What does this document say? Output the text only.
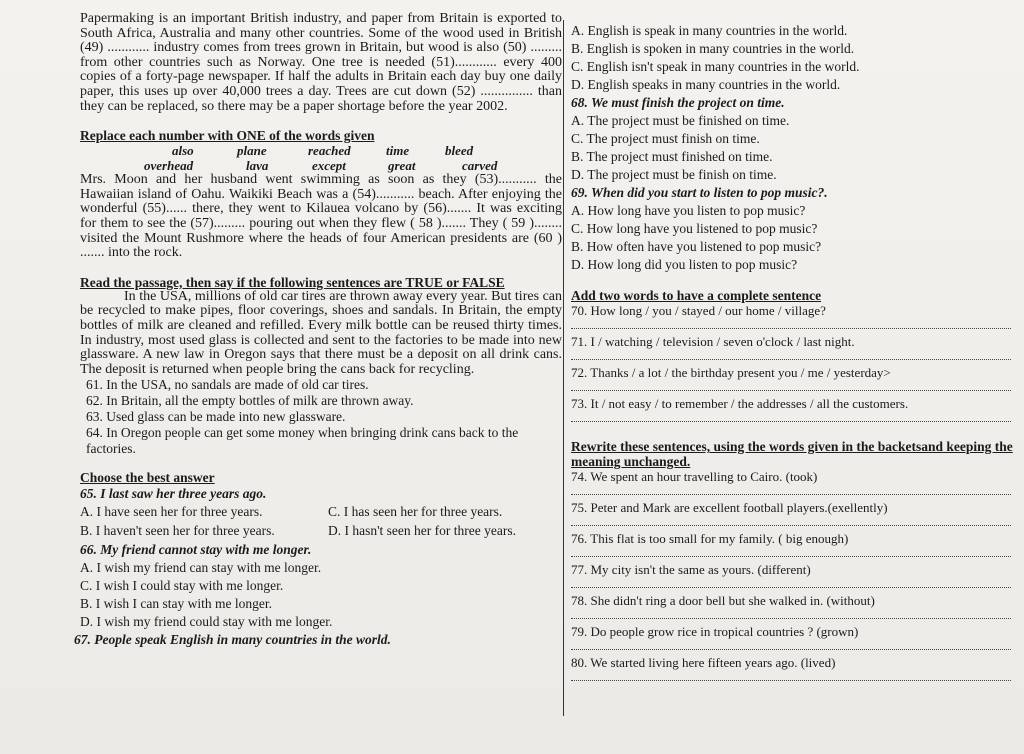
Papermaking is an important British industry, and paper from Britain is exported to South Africa, Australia and many other countries. Some of the wood used in British (49) ............ industry comes from trees grown in Britain, but wood is also (50) ......... from other countries such as Norway. One tree is needed (51)............ every 400 copies of a forty-page newspaper. If half the adults in Britain each day buy one daily paper, this uses up over 40,000 trees a day. Trees are cut down (52) ............... than they can be replaced, so there may be a paper shortage before the year 2002.

Replace each number with ONE of the words given

also	plane	reached	time	bleed
overhead	lava	except	great	carved

Mrs. Moon and her husband went swimming as soon as they (53)........... the Hawaiian island of Oahu. Waikiki Beach was a (54)........... beach. After enjoying the wonderful (55)...... there, they went to Kilauea volcano by (56)....... It was exciting for them to see the (57)......... pouring out when they flew ( 58 )....... They ( 59 )........ visited the Mount Rushmore where the heads of four American presidents are (60 ) ....... into the rock.

Read the passage, then say if the following sentences are TRUE or FALSE

In the USA, millions of old car tires are thrown away every year. But tires can be recycled to make pipes, floor coverings, shoes and sandals. In Britain, the empty bottles of milk are cleaned and refilled. Every milk bottle can be reused thirty times. In industry, most used glass is collected and sent to the factories to be made into new glassware. A new law in Oregon says that there must be a deposit on all drink cans. The deposit is returned when people bring the cans back for recycling.

61. In the USA, no sandals are made of old car tires.

62. In Britain, all the empty bottles of milk are thrown away.

63. Used glass can be made into new glassware.

64. In Oregon people can get some money when bringing drink cans back to the factories.

Choose the best answer

65. I last saw her three years ago.

A. I have seen her for three years.	C. I has seen her for three years.
B. I haven't seen her for three years.	D. I hasn't seen her for three years.

66. My friend cannot stay with me longer.

A. I wish my friend can stay with me longer.

C. I wish I could stay with me longer.

B. I wish I can stay with me longer.

D. I wish my friend could stay with me longer.

67. People speak English in many countries in the world.

A. English is speak in many countries in the world.

B. English is spoken in many countries in the world.

C. English isn't speak in many countries in the world.

D. English speaks in many countries in the world.

68. We must finish the project on time.

A. The project must be finished on time.

C. The project must finish on time.

B. The project must finished on time.

D. The project must be finish on time.

69. When did you start to listen to pop music?.

A. How long have you listen to pop music?

C. How long have you listened to pop music?

B. How often have you listened to pop music?

D. How long did you listen to pop music?

Add two words to have a complete sentence

70. How long / you / stayed / our home / village?

71. I / watching / television / seven o'clock / last night.

72. Thanks / a lot / the birthday present you / me / yesterday>

73. It / not easy / to remember / the addresses / all the customers.

Rewrite these sentences, using the words given in the backetsand keeping the meaning unchanged.

74. We spent an hour travelling to Cairo. (took)

75. Peter and Mark are excellent football players.(exellently)

76. This flat is too small for my family. ( big enough)

77. My city isn't the same as yours. (different)

78. She didn't ring a door bell but she walked in. (without)

79. Do people grow rice in tropical countries ? (grown)

80. We started living here fifteen years ago. (lived)
